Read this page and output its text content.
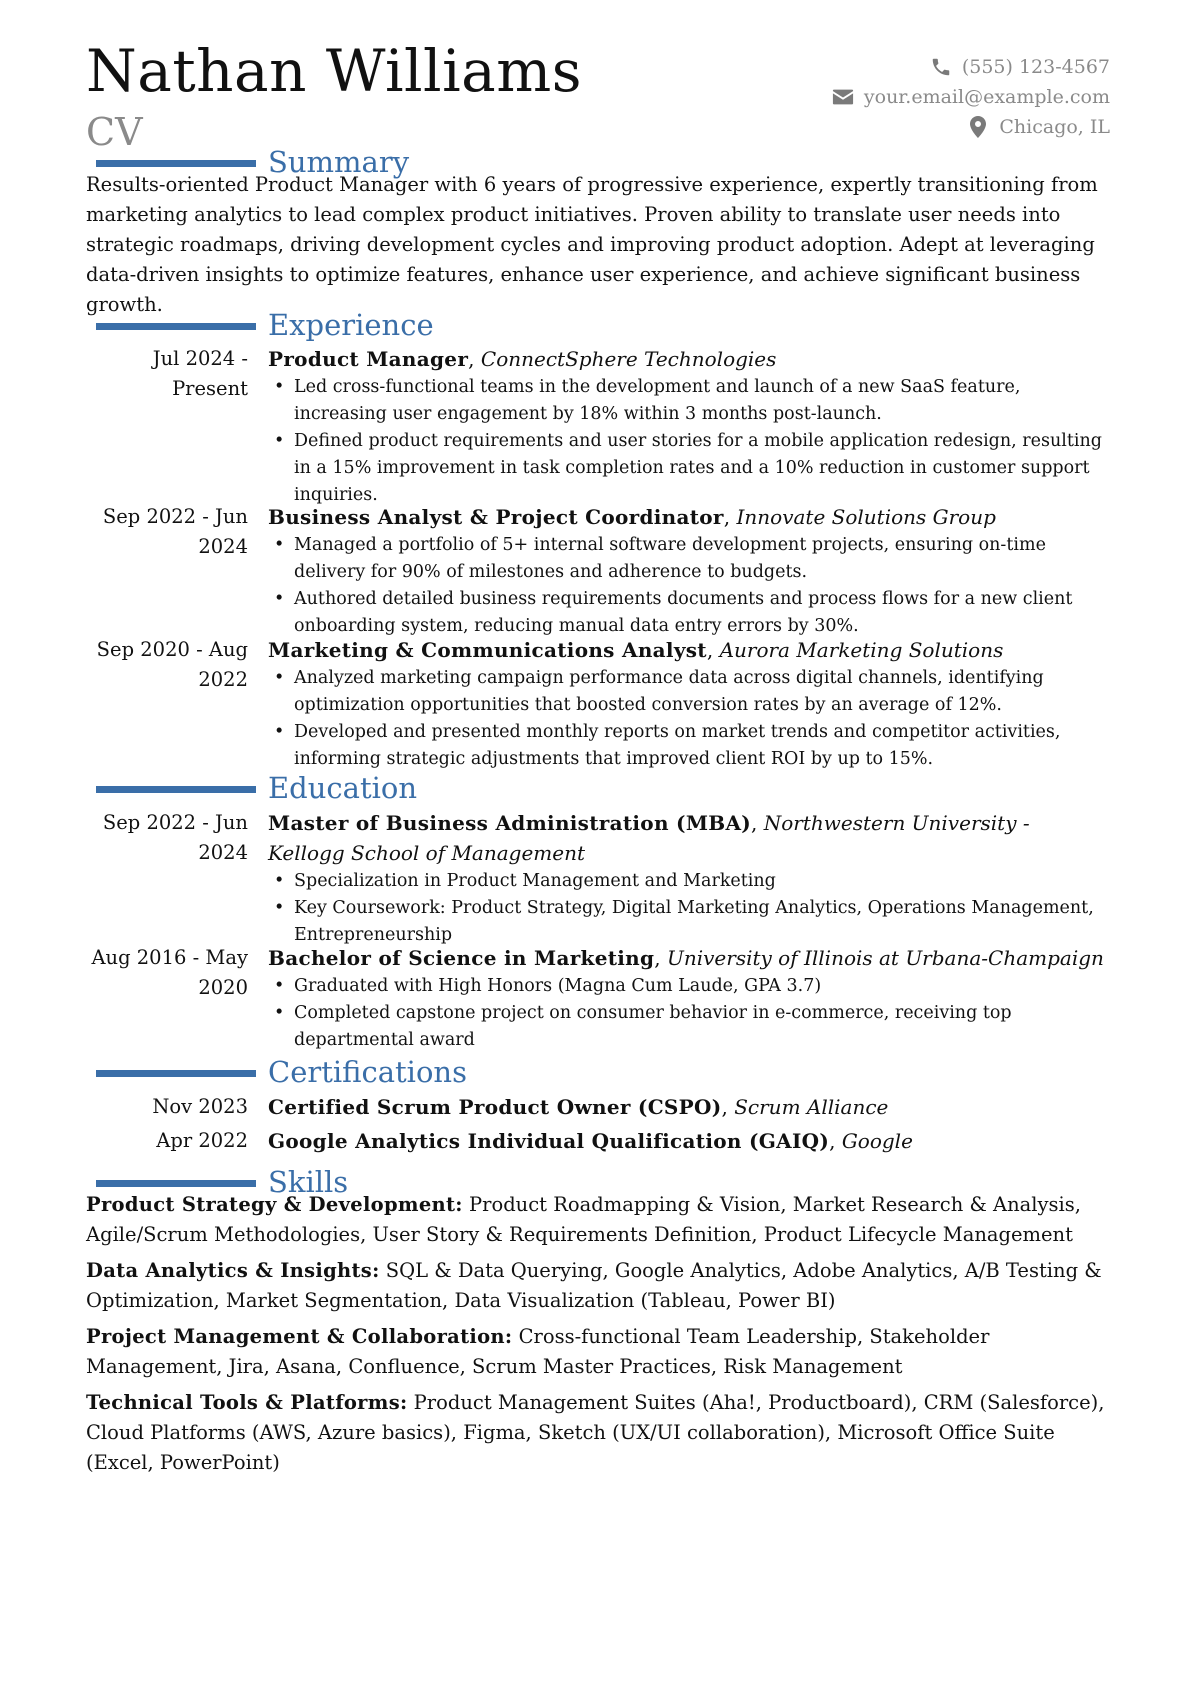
Nathan Williams
CV
(555) 123-4567
your.email@example.com
Chicago, IL
Summary
Results-oriented Product Manager with 6 years of progressive experience, expertly transitioning from marketing analytics to lead complex product initiatives. Proven ability to translate user needs into strategic roadmaps, driving development cycles and improving product adoption. Adept at leveraging data-driven insights to optimize features, enhance user experience, and achieve significant business growth.
Experience
Jul 2024 - Present
Product Manager, ConnectSphere Technologies
• Led cross-functional teams in the development and launch of a new SaaS feature, increasing user engagement by 18% within 3 months post-launch.
• Defined product requirements and user stories for a mobile application redesign, resulting in a 15% improvement in task completion rates and a 10% reduction in customer support inquiries.
Sep 2022 - Jun 2024
Business Analyst & Project Coordinator, Innovate Solutions Group
• Managed a portfolio of 5+ internal software development projects, ensuring on-time delivery for 90% of milestones and adherence to budgets.
• Authored detailed business requirements documents and process flows for a new client onboarding system, reducing manual data entry errors by 30%.
Sep 2020 - Aug 2022
Marketing & Communications Analyst, Aurora Marketing Solutions
• Analyzed marketing campaign performance data across digital channels, identifying optimization opportunities that boosted conversion rates by an average of 12%.
• Developed and presented monthly reports on market trends and competitor activities, informing strategic adjustments that improved client ROI by up to 15%.
Education
Sep 2022 - Jun 2024
Master of Business Administration (MBA), Northwestern University - Kellogg School of Management
• Specialization in Product Management and Marketing
• Key Coursework: Product Strategy, Digital Marketing Analytics, Operations Management, Entrepreneurship
Aug 2016 - May 2020
Bachelor of Science in Marketing, University of Illinois at Urbana-Champaign
• Graduated with High Honors (Magna Cum Laude, GPA 3.7)
• Completed capstone project on consumer behavior in e-commerce, receiving top departmental award
Certifications
Nov 2023 Certified Scrum Product Owner (CSPO), Scrum Alliance
Apr 2022 Google Analytics Individual Qualification (GAIQ), Google
Skills
Product Strategy & Development: Product Roadmapping & Vision, Market Research & Analysis, Agile/Scrum Methodologies, User Story & Requirements Definition, Product Lifecycle Management
Data Analytics & Insights: SQL & Data Querying, Google Analytics, Adobe Analytics, A/B Testing & Optimization, Market Segmentation, Data Visualization (Tableau, Power BI)
Project Management & Collaboration: Cross-functional Team Leadership, Stakeholder Management, Jira, Asana, Confluence, Scrum Master Practices, Risk Management
Technical Tools & Platforms: Product Management Suites (Aha!, Productboard), CRM (Salesforce), Cloud Platforms (AWS, Azure basics), Figma, Sketch (UX/UI collaboration), Microsoft Office Suite (Excel, PowerPoint)
